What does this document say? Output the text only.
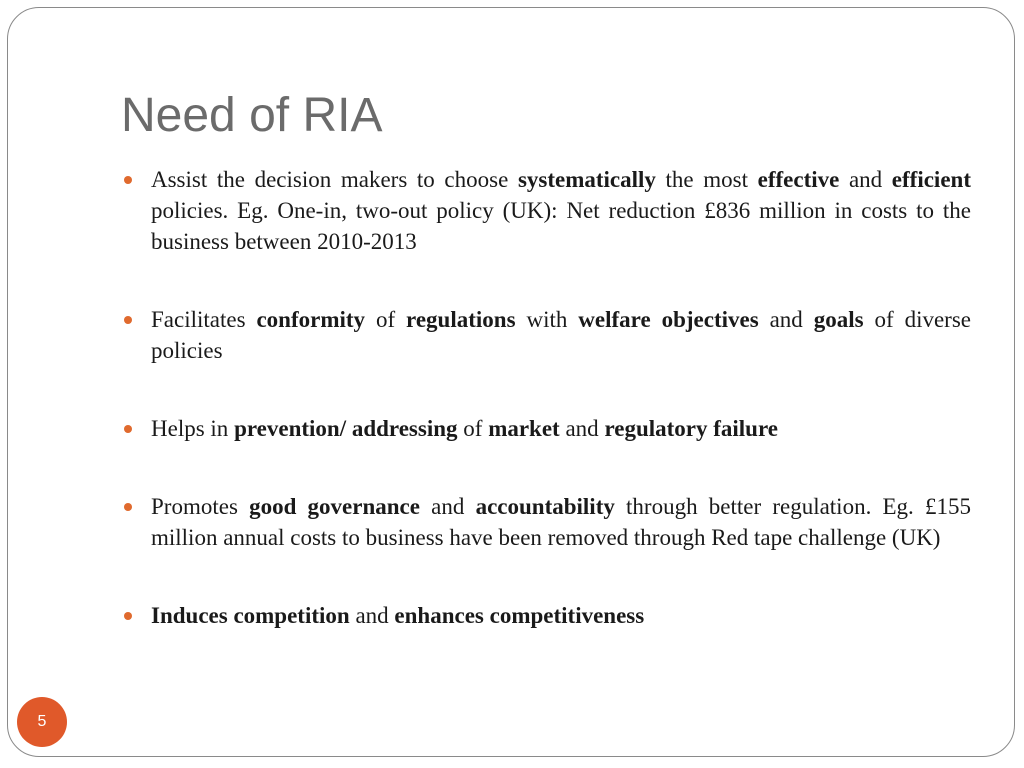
Need of RIA
Assist the decision makers to choose systematically the most effective and efficient policies. Eg. One-in, two-out policy (UK): Net reduction £836 million in costs to the business between 2010-2013
Facilitates conformity of regulations with welfare objectives and goals of diverse policies
Helps in prevention/ addressing of market and regulatory failure
Promotes good governance and accountability through better regulation. Eg. £155 million annual costs to business have been removed through Red tape challenge (UK)
Induces competition and enhances competitiveness
5
